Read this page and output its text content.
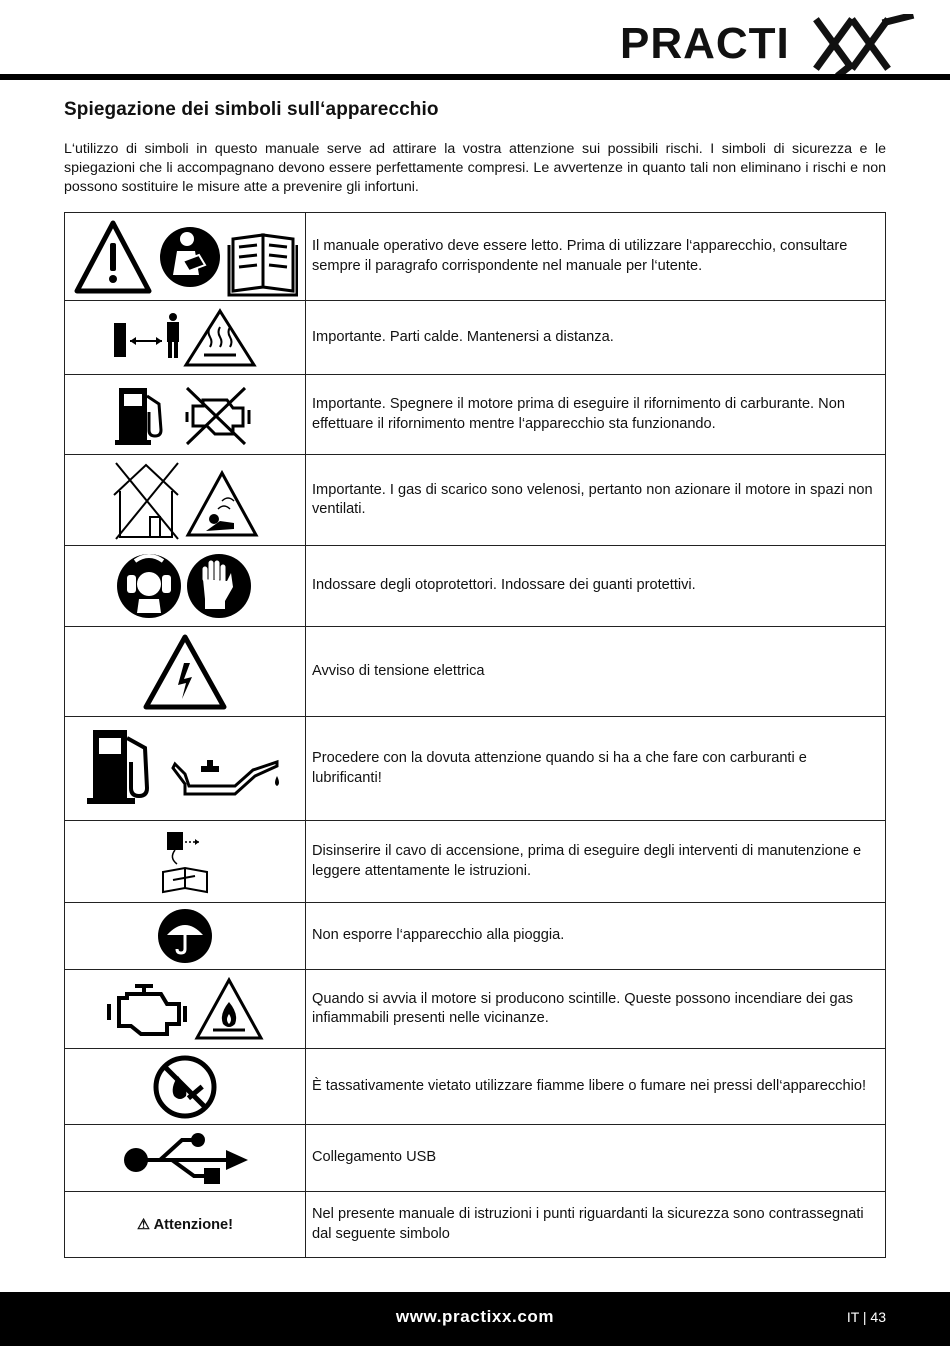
PRACTI
Spiegazione dei simboli sull‘apparecchio

L‘utilizzo di simboli in questo manuale serve ad attirare la vostra attenzione sui possibili rischi. I simboli di sicurezza e le spiegazioni che li accompagnano devono essere perfettamente compresi. Le avvertenze in quanto tali non eliminano i rischi e non possono sostituire le misure atte a prevenire gli infortuni.

	Il manuale operativo deve essere letto. Prima di utilizzare l‘apparecchio, consultare sempre il paragrafo corrispondente nel manuale per l‘utente.

	Importante. Parti calde. Mantenersi a distanza.

	Importante. Spegnere il motore prima di eseguire il rifornimento di carburante. Non effettuare il rifornimento mentre l‘apparecchio sta funzionando.

	Importante. I gas di scarico sono velenosi, pertanto non azionare il motore in spazi non ventilati.

	Indossare degli otoprotettori. Indossare dei guanti protettivi.

	Avviso di tensione elettrica

	Procedere con la dovuta attenzione quando si ha a che fare con carburanti e lubrificanti!

	Disinserire il cavo di accensione, prima di eseguire degli interventi di manutenzione e leggere attentamente le istruzioni.

	Non esporre l‘apparecchio alla pioggia.

	Quando si avvia il motore si producono scintille. Queste possono incendiare dei gas infiammabili presenti nelle vicinanze.

	È tassativamente vietato utilizzare fiamme libere o fumare nei pressi dell‘apparecchio!

	Collegamento USB
⚠ Attenzione!	Nel presente manuale di istruzioni i punti riguardanti la sicurezza sono contrassegnati dal seguente simbolo
www.practixx.com	IT | 43
